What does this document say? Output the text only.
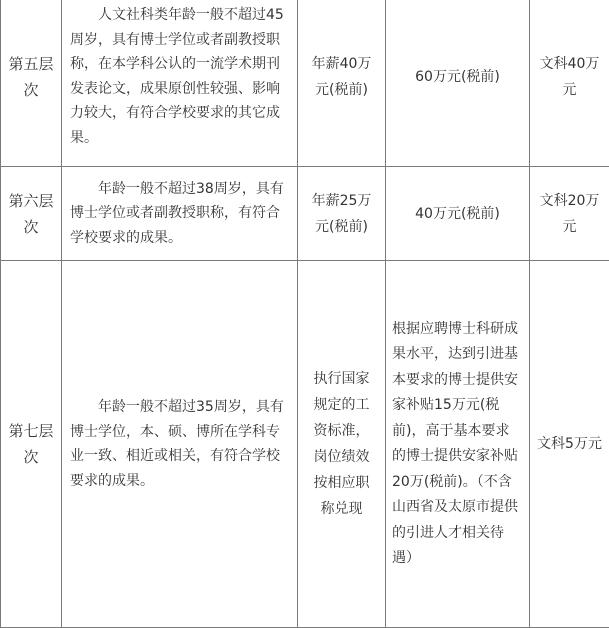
第五层次	人文社科类年龄一般不超过45周岁，具有博士学位或者副教授职称，在本学科公认的一流学术期刊发表论文，成果原创性较强、影响力较大，有符合学校要求的其它成果。	年薪40万元(税前)	60万元(税前)	文科40万元
第六层次	年龄一般不超过38周岁，具有博士学位或者副教授职称，有符合学校要求的成果。	年薪25万元(税前)	40万元(税前)	文科20万元
第七层次	年龄一般不超过35周岁，具有博士学位，本、硕、博所在学科专业一致、相近或相关，有符合学校要求的成果。	执行国家规定的工资标准，岗位绩效按相应职称兑现	根据应聘博士科研成果水平，达到引进基本要求的博士提供安家补贴15万元(税前)，高于基本要求的博士提供安家补贴20万(税前)。（不含山西省及太原市提供的引进人才相关待遇）	文科5万元
